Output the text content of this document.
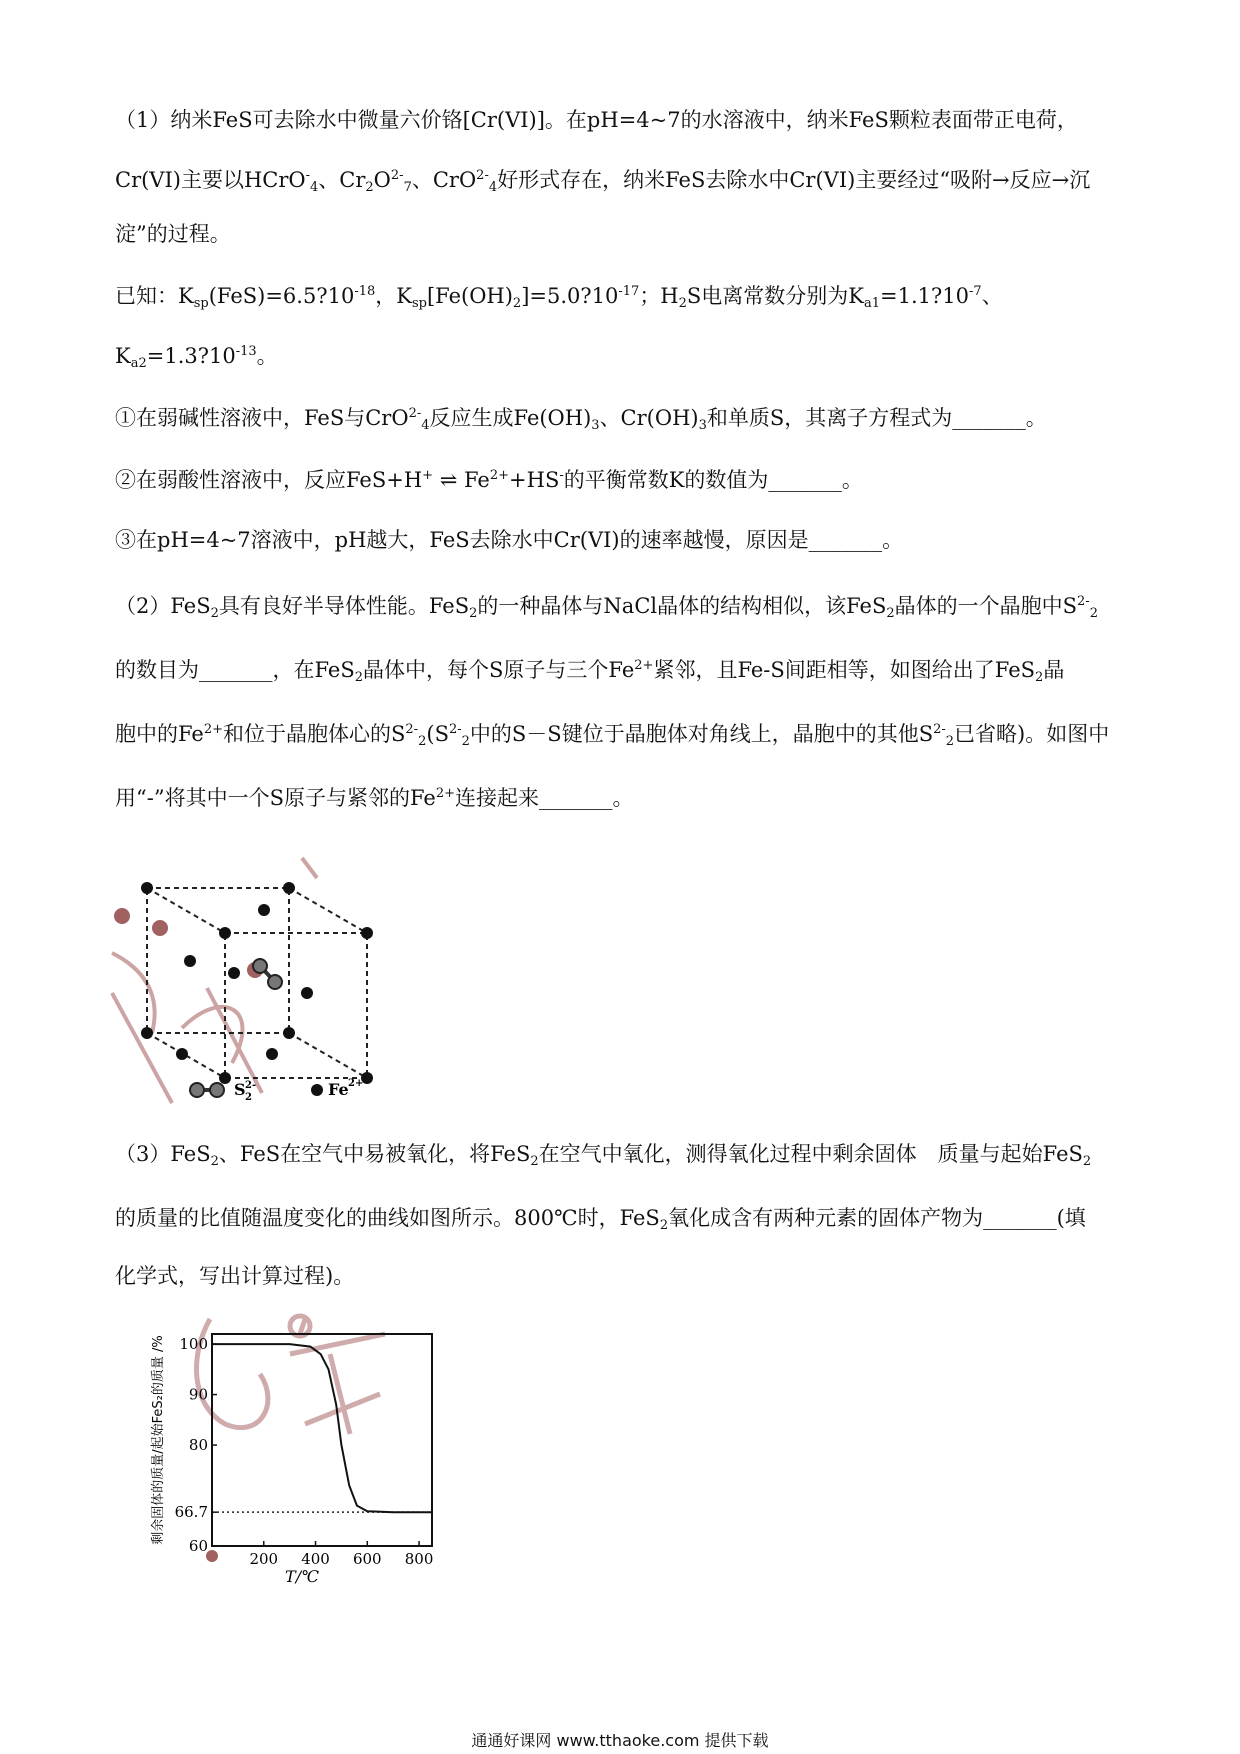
（1）纳米FeS可去除水中微量六价铬[Cr(VI)]。在pH=4~7的水溶液中，纳米FeS颗粒表面带正电荷，
Cr(VI)主要以HCrO-$_4$、$Cr_2O^{2-}_7$、CrO$^{2-}_4$好形式存在，纳米FeS去除水中Cr(VI)主要经过“吸附→反应→沉
淀”的过程。
已知：$K_{sp}(FeS)=6.5?10^{-18}$，$K_{sp}[Fe(OH)_2]=5.0?10^{-17}$；$H_2S$电离常数分别为$K_{a1}=1.1?10^{-7}$、
$K_{a2}=1.3?10^{-13}$。
①在弱碱性溶液中，FeS与CrO$^{2-}_4$反应生成$Fe(OH)_3$、$Cr(OH)_3$和单质S，其离子方程式为_______。
②在弱酸性溶液中，反应FeS+H+ ⇌ $Fe^{2+}+HS^-$的平衡常数K的数值为_______。
③在pH=4~7溶液中，pH越大，FeS去除水中Cr(VI)的速率越慢，原因是_______。
（2）FeS$_2$具有良好半导体性能。FeS$_2$的一种晶体与NaCl晶体的结构相似，该FeS$_2$晶体的一个晶胞中$S^{2-}_2$
的数目为_______，在FeS$_2$晶体中，每个S原子与三个$Fe^{2+}$紧邻，且Fe-S间距相等，如图给出了FeS$_2$晶
胞中的$Fe^{2+}$和位于晶胞体心的$S^{2-}_2(S^{2-}_2$中的S－S键位于晶胞体对角线上，晶胞中的其他$S^{2-}_2$已省略)。如图中
用“-”将其中一个S原子与紧邻的$Fe^{2+}$连接起来_______。
S 2-
2	Fe 2+
（3）FeS$_2$、FeS在空气中易被氧化，将FeS$_2$在空气中氧化，测得氧化过程中剩余固体　质量与起始FeS$_2$
的质量的比值随温度变化的曲线如图所示。800℃时，FeS$_2$氧化成含有两种元素的固体产物为_______(填
化学式，写出计算过程)。
200 400 600 800
60
66.7
80
90
100
T/℃
剩余固体的质量/起始FeS₂的质量 /%
通通好课网 www.tthaoke.com 提供下载
